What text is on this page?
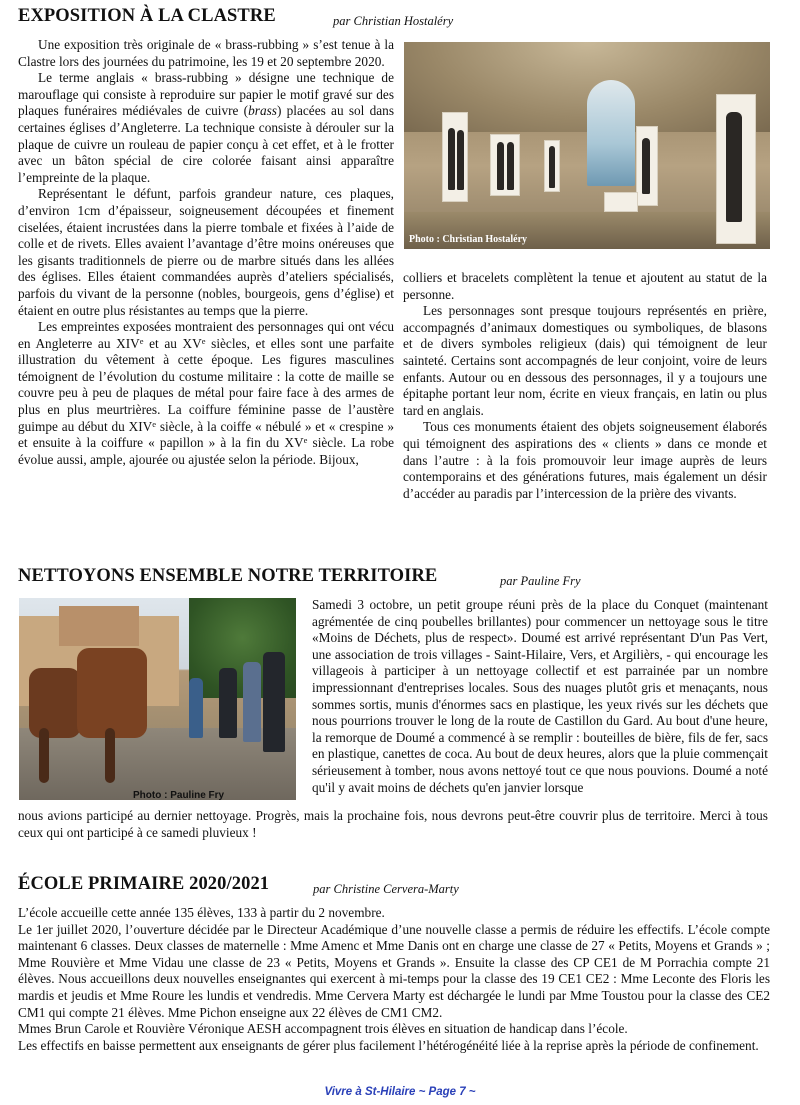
EXPOSITION À LA CLASTRE	par Christian Hostaléry

Une exposition très originale de « brass-rubbing » s’est tenue à la Clastre lors des journées du patrimoine, les 19 et 20 septembre 2020.

Le terme anglais « brass-rubbing » désigne une technique de marouflage qui consiste à reproduire sur papier le motif gravé sur des plaques funéraires médiévales de cuivre (brass) placées au sol dans certaines églises d’Angleterre. La technique consiste à dérouler sur la plaque de cuivre un rouleau de papier conçu à cet effet, et à le frotter avec un bâton spécial de cire colorée faisant ainsi apparaître l’empreinte de la plaque.

Représentant le défunt, parfois grandeur nature, ces plaques, d’environ 1cm d’épaisseur, soigneusement découpées et finement ciselées, étaient incrustées dans la pierre tombale et fixées à l’aide de colle et de rivets. Elles avaient l’avantage d’être moins onéreuses que les gisants traditionnels de pierre ou de marbre situés dans les allées des églises. Elles étaient commandées auprès d’ateliers spécialisés, parfois du vivant de la personne (nobles, bourgeois, gens d’église) et étaient en outre plus résistantes au temps que la pierre.

Les empreintes exposées montraient des personnages qui ont vécu en Angleterre au XIVe et au XVe siècles, et elles sont une parfaite illustration du vêtement à cette époque. Les figures masculines témoignent de l’évolution du costume militaire : la cotte de maille se couvre peu à peu de plaques de métal pour faire face à des armes de plus en plus meurtrières. La coiffure féminine passe de l’austère guimpe au début du XIVe siècle, à la coiffe « nébulé » et « crespine » et ensuite à la coiffure « papillon » à la fin du XVe siècle. La robe évolue aussi, ample, ajourée ou ajustée selon la période. Bijoux,

Photo : Christian Hostaléry

colliers et bracelets complètent la tenue et ajoutent au statut de la personne.

Les personnages sont presque toujours représentés en prière, accompagnés d’animaux domestiques ou symboliques, de blasons et de divers symboles religieux (dais) qui témoignent de leur sainteté. Certains sont accompagnés de leur conjoint, voire de leurs enfants. Autour ou en dessous des personnages, il y a toujours une épitaphe portant leur nom, écrite en vieux français, en latin ou plus tard en anglais.

Tous ces monuments étaient des objets soigneusement élaborés qui témoignent des aspirations des « clients » dans ce monde et dans l’autre : à la fois promouvoir leur image auprès de leurs contemporains et des générations futures, mais également un désir d’accéder au paradis par l’intercession de la prière des vivants.

NETTOYONS ENSEMBLE NOTRE TERRITOIRE	par Pauline Fry
Photo : Pauline Fry

Samedi 3 octobre, un petit groupe réuni près de la place du Conquet (maintenant agrémentée de cinq poubelles brillantes) pour commencer un nettoyage sous le titre «Moins de Déchets, plus de respect». Doumé est arrivé représentant D'un Pas Vert, une association de trois villages - Saint-Hilaire, Vers, et Argilièrs, - qui encourage les villageois à participer à un nettoyage collectif et est parrainée par un nombre impressionnant d'entreprises locales. Sous des nuages plutôt gris et menaçants, nous sommes sortis, munis d'énormes sacs en plastique, les yeux rivés sur les déchets que nous pourrions trouver le long de la route de Castillon du Gard. Au bout d'une heure, la remorque de Doumé a commencé à se remplir : bouteilles de bière, fils de fer, sacs en plastique, canettes de coca. Au bout de deux heures, alors que la pluie commençait sérieusement à tomber, nous avons nettoyé tout ce que nous pouvions. Doumé a noté qu'il y avait moins de déchets qu'en janvier lorsque

nous avions participé au dernier nettoyage. Progrès, mais la prochaine fois, nous devrons peut-être couvrir plus de territoire. Merci à tous ceux qui ont participé à ce samedi pluvieux !

ÉCOLE PRIMAIRE 2020/2021	par Christine Cervera-Marty

L’école accueille cette année 135 élèves, 133 à partir du 2 novembre.

Le 1er juillet 2020, l’ouverture décidée par le Directeur Académique d’une nouvelle classe a permis de réduire les effectifs. L’école compte maintenant 6 classes. Deux classes de maternelle : Mme Amenc et Mme Danis ont en charge une classe de 27 « Petits, Moyens et Grands » ; Mme Rouvière et Mme Vidau une classe de 23 « Petits, Moyens et Grands ». Ensuite la classe des CP CE1 de M Porrachia compte 21 élèves. Nous accueillons deux nouvelles enseignantes qui exercent à mi-temps pour la classe des 19 CE1 CE2 : Mme Leconte des Floris les mardis et jeudis et Mme Roure les lundis et vendredis. Mme Cervera Marty est déchargée le lundi par Mme Toustou pour la classe des CE2 CM1 qui compte 21 élèves. Mme Pichon enseigne aux 22 élèves de CM1 CM2.

Mmes Brun Carole et Rouvière Véronique AESH accompagnent trois élèves en situation de handicap dans l’école.

Les effectifs en baisse permettent aux enseignants de gérer plus facilement l’hétérogénéité liée à la reprise après la période de confinement.

Vivre à St-Hilaire ~ Page 7 ~
